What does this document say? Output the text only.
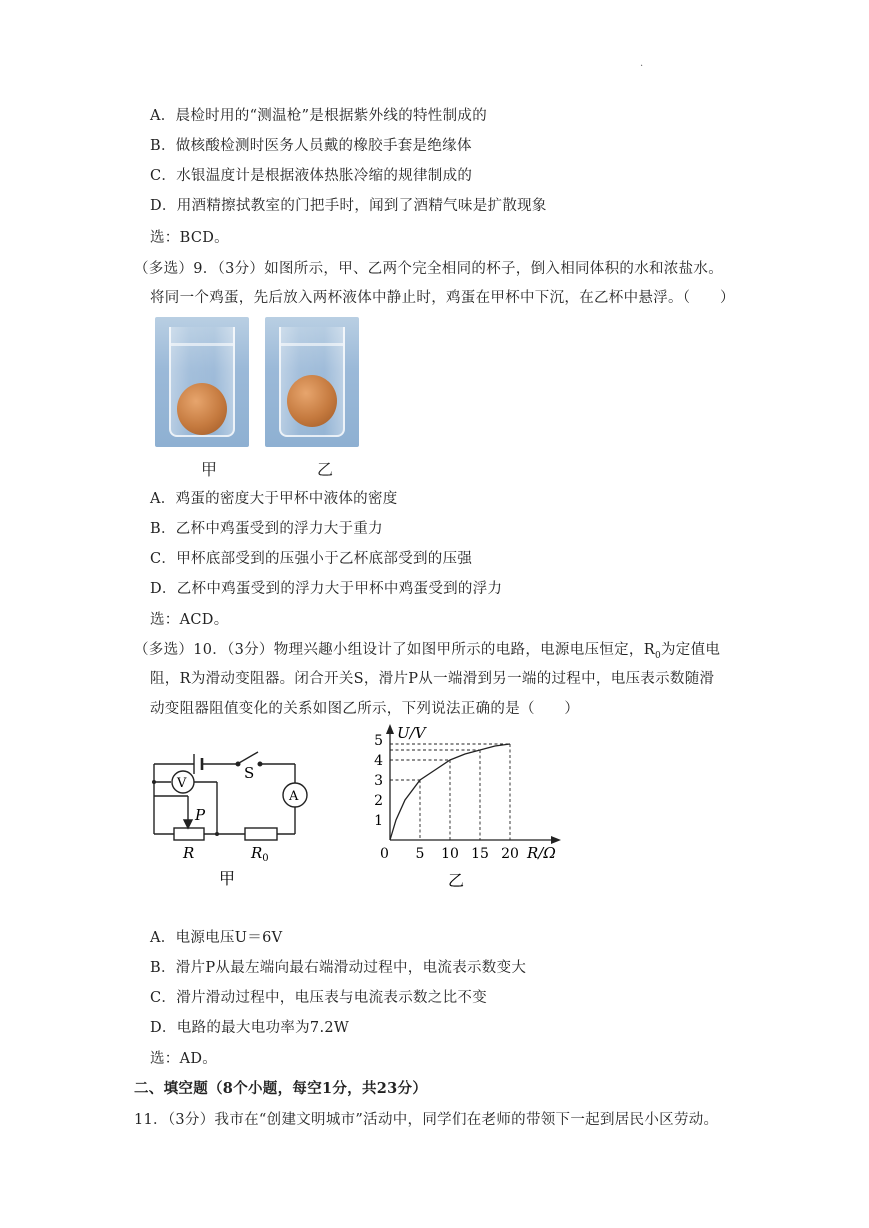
.
A．晨检时用的“测温枪”是根据紫外线的特性制成的
B．做核酸检测时医务人员戴的橡胶手套是绝缘体
C．水银温度计是根据液体热胀冷缩的规律制成的
D．用酒精擦拭教室的门把手时，闻到了酒精气味是扩散现象
选：BCD。
（多选）9．（3分）如图所示，甲、乙两个完全相同的杯子，倒入相同体积的水和浓盐水。
将同一个鸡蛋，先后放入两杯液体中静止时，鸡蛋在甲杯中下沉，在乙杯中悬浮。（　　）
甲	乙
A．鸡蛋的密度大于甲杯中液体的密度
B．乙杯中鸡蛋受到的浮力大于重力
C．甲杯底部受到的压强小于乙杯底部受到的压强
D．乙杯中鸡蛋受到的浮力大于甲杯中鸡蛋受到的浮力
选：ACD。
（多选）10．（3分）物理兴趣小组设计了如图甲所示的电路，电源电压恒定，$R_0$为定值电
阻，R为滑动变阻器。闭合开关S，滑片P从一端滑到另一端的过程中，电压表示数随滑
动变阻器阻值变化的关系如图乙所示，下列说法正确的是（　　）
S
V
A
P
R	$R_0$
甲
5 10 15 20
1
2
3
4
5 U/V
R/Ω
0
乙
A．电源电压U＝6V
B．滑片P从最左端向最右端滑动过程中，电流表示数变大
C．滑片滑动过程中，电压表与电流表示数之比不变
D．电路的最大电功率为7.2W
选：AD。
二、填空题（8个小题，每空1分，共23分）
11．（3分）我市在“创建文明城市”活动中，同学们在老师的带领下一起到居民小区劳动。
